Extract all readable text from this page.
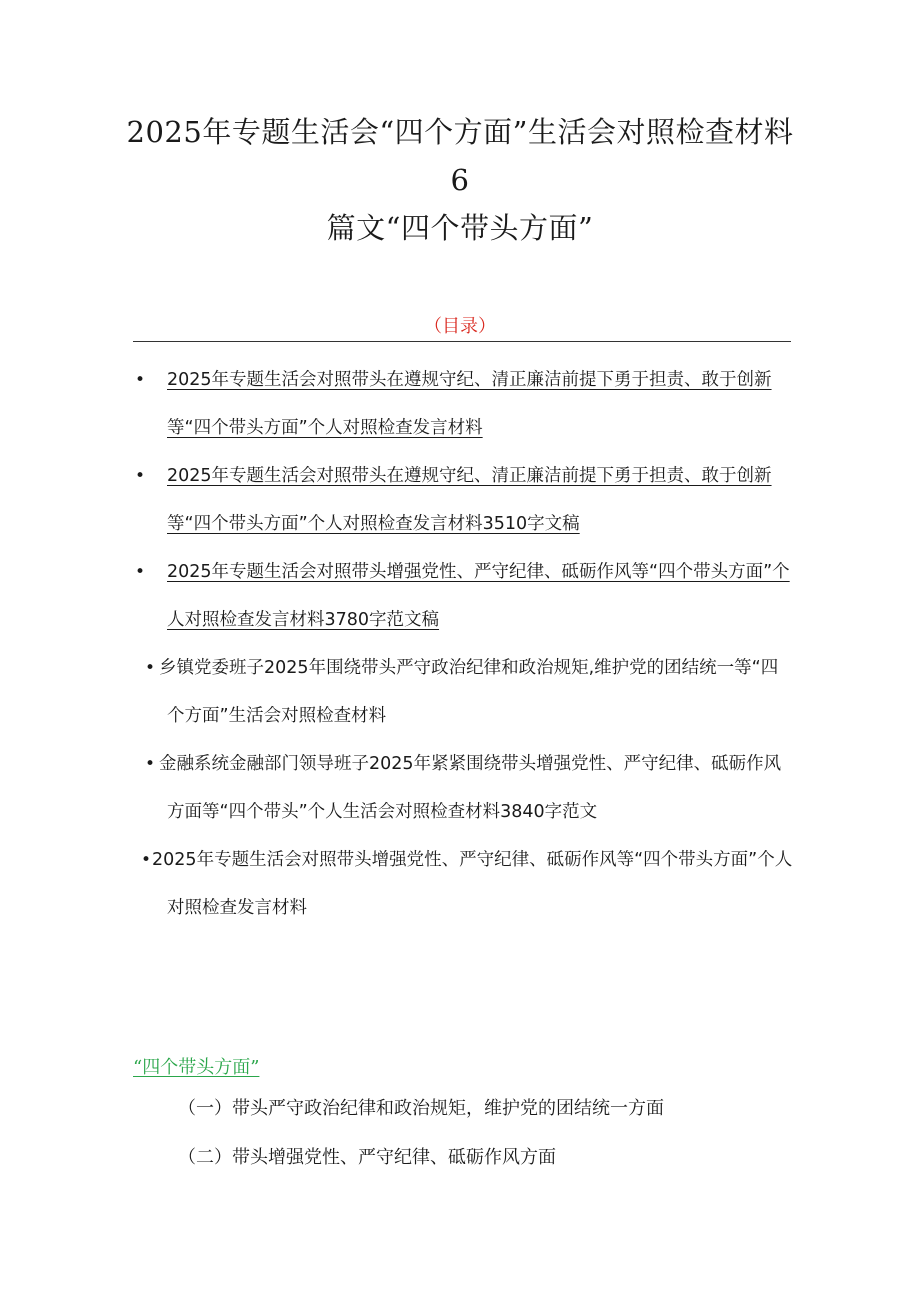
2025年专题生活会“四个方面”生活会对照检查材料6
篇文“四个带头方面”
（目录）
• 2025年专题生活会对照带头在遵规守纪、清正廉洁前提下勇于担责、敢于创新等“四个带头方面”个人对照检查发言材料
• 2025年专题生活会对照带头在遵规守纪、清正廉洁前提下勇于担责、敢于创新等“四个带头方面”个人对照检查发言材料3510字文稿
• 2025年专题生活会对照带头增强党性、严守纪律、砥砺作风等“四个带头方面”个人对照检查发言材料3780字范文稿
• 乡镇党委班子2025年围绕带头严守政治纪律和政治规矩,维护党的团结统一等“四个方面”生活会对照检查材料
• 金融系统金融部门领导班子2025年紧紧围绕带头增强党性、严守纪律、砥砺作风方面等“四个带头”个人生活会对照检查材料3840字范文
•2025年专题生活会对照带头增强党性、严守纪律、砥砺作风等“四个带头方面”个人对照检查发言材料
“四个带头方面”
（一）带头严守政治纪律和政治规矩，维护党的团结统一方面
（二）带头增强党性、严守纪律、砥砺作风方面
